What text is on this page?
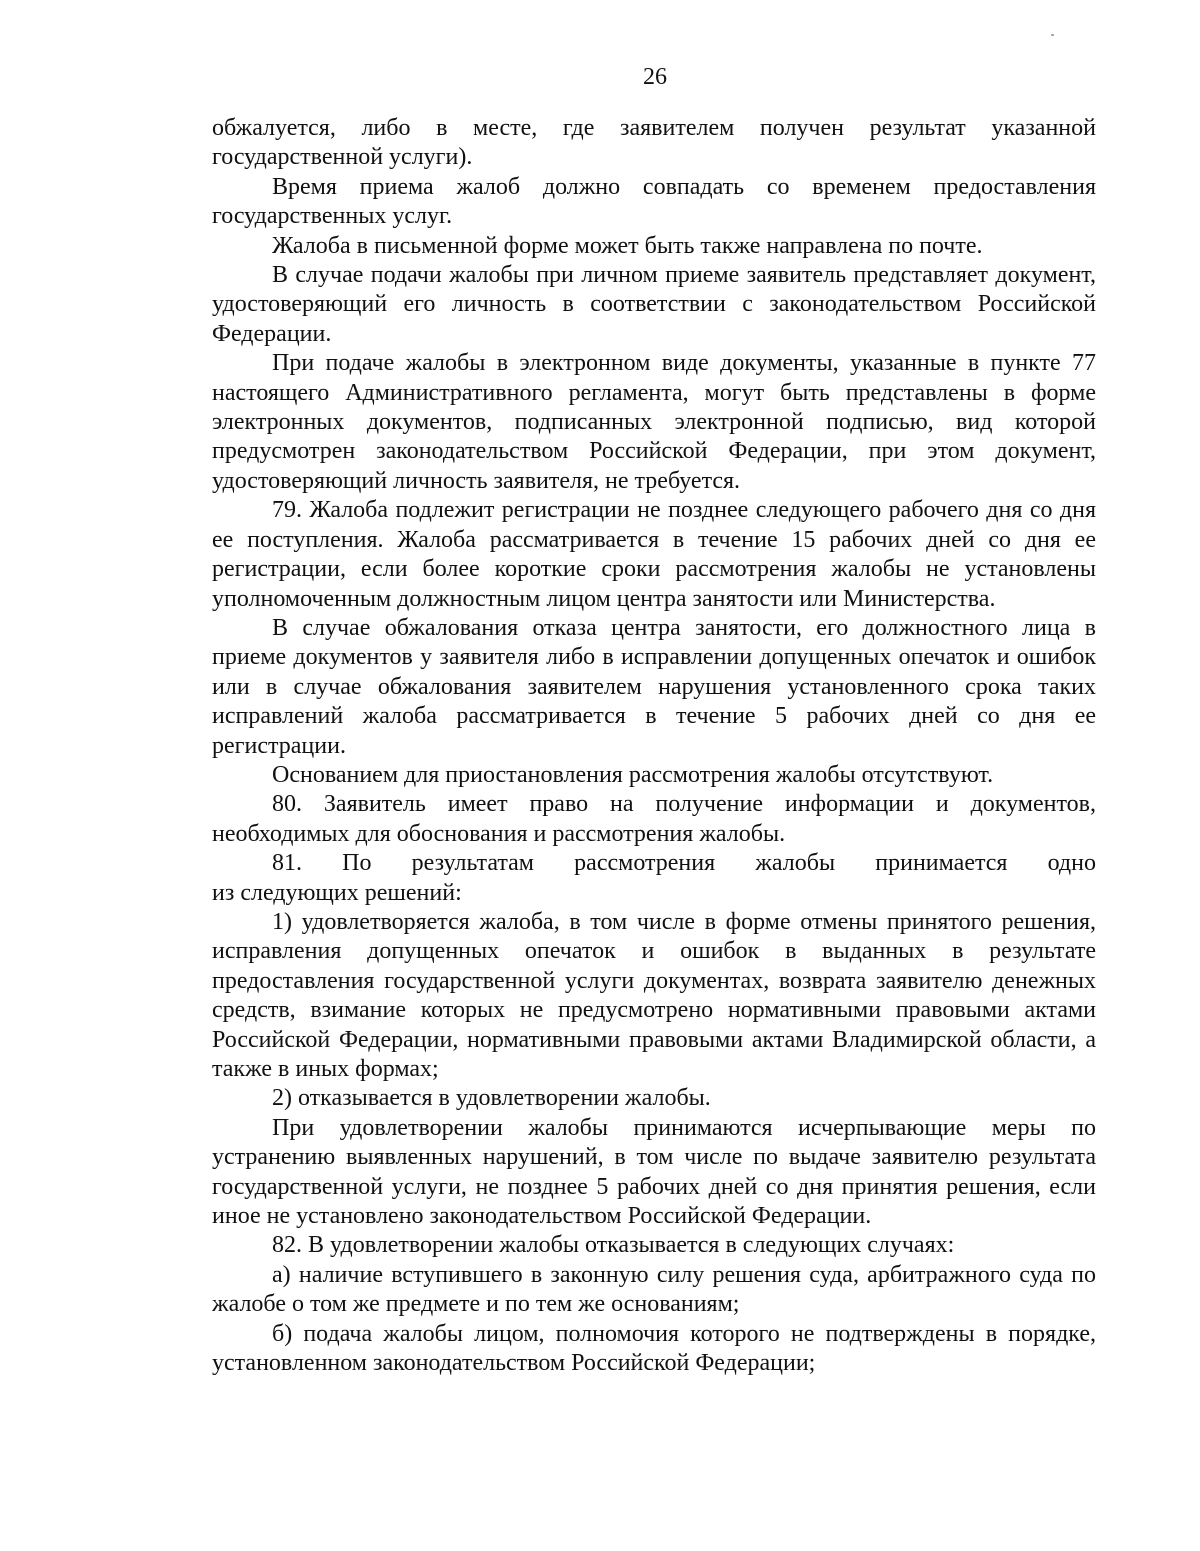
26

обжалуется, либо в месте, где заявителем получен результат указанной государственной услуги).

Время приема жалоб должно совпадать со временем предоставления государственных услуг.

Жалоба в письменной форме может быть также направлена по почте.

В случае подачи жалобы при личном приеме заявитель представляет документ, удостоверяющий его личность в соответствии с законодательством Российской Федерации.

При подаче жалобы в электронном виде документы, указанные в пункте 77 настоящего Административного регламента, могут быть представлены в форме электронных документов, подписанных электронной подписью, вид которой предусмотрен законодательством Российской Федерации, при этом документ, удостоверяющий личность заявителя, не требуется.

79. Жалоба подлежит регистрации не позднее следующего рабочего дня со дня ее поступления. Жалоба рассматривается в течение 15 рабочих дней со дня ее регистрации, если более короткие сроки рассмотрения жалобы не установлены уполномоченным должностным лицом центра занятости или Министерства.

В случае обжалования отказа центра занятости, его должностного лица в приеме документов у заявителя либо в исправлении допущенных опечаток и ошибок или в случае обжалования заявителем нарушения установленного срока таких исправлений жалоба рассматривается в течение 5 рабочих дней со дня ее регистрации.

Основанием для приостановления рассмотрения жалобы отсутствуют.

80. Заявитель имеет право на получение информации и документов, необходимых для обоснования и рассмотрения жалобы.

81. По результатам рассмотрения жалобы принимается одно

из следующих решений:

1) удовлетворяется жалоба, в том числе в форме отмены принятого решения, исправления допущенных опечаток и ошибок в выданных в результате предоставления государственной услуги документах, возврата заявителю денежных средств, взимание которых не предусмотрено нормативными правовыми актами Российской Федерации, нормативными правовыми актами Владимирской области, а также в иных формах;

2) отказывается в удовлетворении жалобы.

При удовлетворении жалобы принимаются исчерпывающие меры по устранению выявленных нарушений, в том числе по выдаче заявителю результата государственной услуги, не позднее 5 рабочих дней со дня принятия решения, если иное не установлено законодательством Российской Федерации.

82. В удовлетворении жалобы отказывается в следующих случаях:

а) наличие вступившего в законную силу решения суда, арбитражного суда по жалобе о том же предмете и по тем же основаниям;

б) подача жалобы лицом, полномочия которого не подтверждены в порядке, установленном законодательством Российской Федерации;
